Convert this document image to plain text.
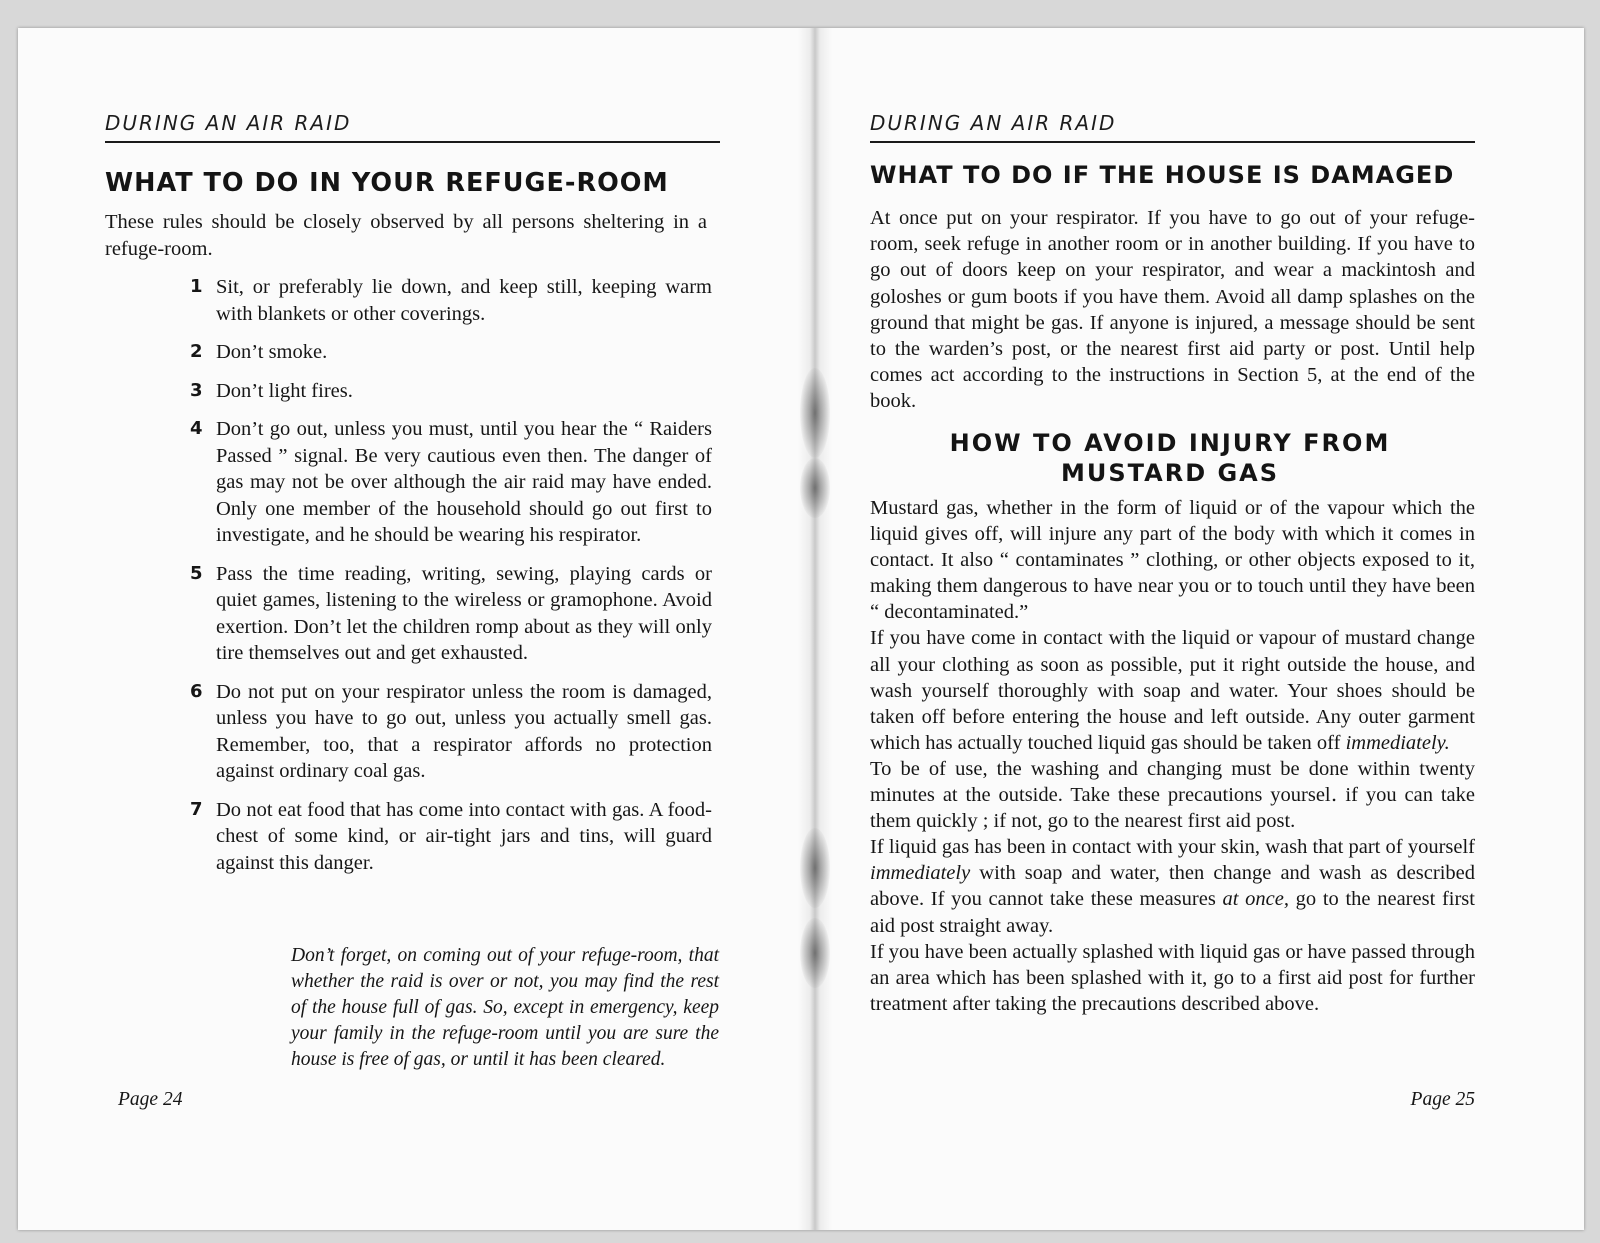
DURING AN AIR RAID
WHAT TO DO IN YOUR REFUGE-ROOM

These rules should be closely observed by all persons sheltering in a refuge-room.

1 Sit, or preferably lie down, and keep still, keeping warm with blankets or other coverings.

2 Don’t smoke.

3 Don’t light fires.

4 Don’t go out, unless you must, until you hear the “ Raiders Passed ” signal. Be very cautious even then. The danger of gas may not be over although the air raid may have ended. Only one member of the household should go out first to investigate, and he should be wearing his respirator.

5 Pass the time reading, writing, sewing, playing cards or quiet games, listening to the wireless or gramophone. Avoid exertion. Don’t let the children romp about as they will only tire themselves out and get exhausted.

6 Do not put on your respirator unless the room is damaged, unless you have to go out, unless you actually smell gas. Remember, too, that a respirator affords no protection against ordinary coal gas.

7 Do not eat food that has come into contact with gas. A food-chest of some kind, or air-tight jars and tins, will guard against this danger.

Don’t forget, on coming out of your refuge-room, that whether the raid is over or not, you may find the rest of the house full of gas. So, except in emergency, keep your family in the refuge-room until you are sure the house is free of gas, or until it has been cleared.

Page 24
DURING AN AIR RAID
WHAT TO DO IF THE HOUSE IS DAMAGED

At once put on your respirator. If you have to go out of your refuge-room, seek refuge in another room or in another building. If you have to go out of doors keep on your respirator, and wear a mackintosh and goloshes or gum boots if you have them. Avoid all damp splashes on the ground that might be gas. If anyone is injured, a message should be sent to the warden’s post, or the nearest first aid party or post. Until help comes act according to the instructions in Section 5, at the end of the book.

HOW TO AVOID INJURY FROM MUSTARD GAS

Mustard gas, whether in the form of liquid or of the vapour which the liquid gives off, will injure any part of the body with which it comes in contact. It also “ contaminates ” clothing, or other objects exposed to it, making them dangerous to have near you or to touch until they have been “ decontaminated.”

If you have come in contact with the liquid or vapour of mustard change all your clothing as soon as possible, put it right outside the house, and wash yourself thoroughly with soap and water. Your shoes should be taken off before entering the house and left outside. Any outer garment which has actually touched liquid gas should be taken off immediately.

To be of use, the washing and changing must be done within twenty minutes at the outside. Take these precautions yoursel․ if you can take them quickly ; if not, go to the nearest first aid post.

If liquid gas has been in contact with your skin, wash that part of yourself immediately with soap and water, then change and wash as described above. If you cannot take these measures at once, go to the nearest first aid post straight away.

If you have been actually splashed with liquid gas or have passed through an area which has been splashed with it, go to a first aid post for further treatment after taking the precautions described above.

Page 25
